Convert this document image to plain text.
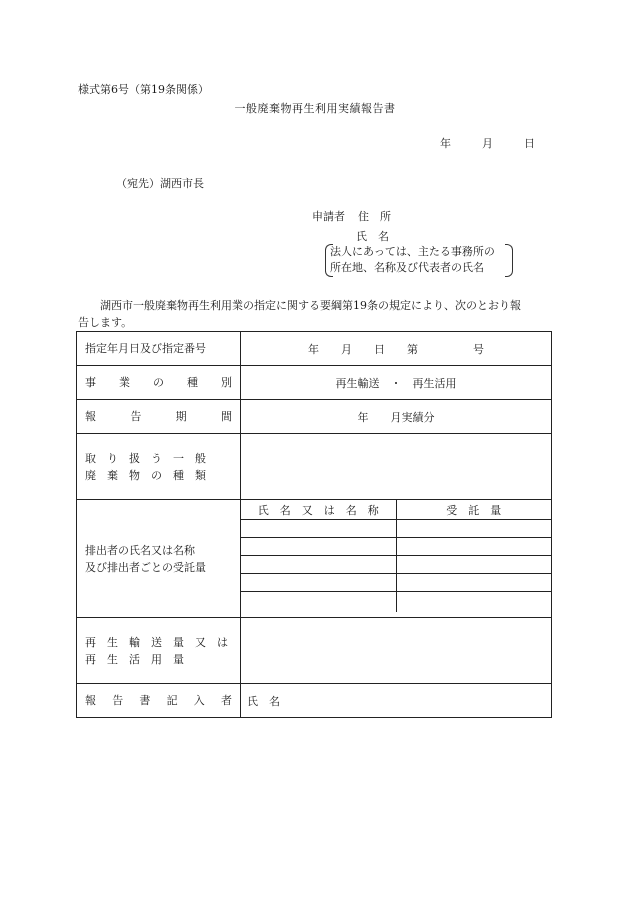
様式第6号（第19条関係）
一般廃棄物再生利用実績報告書
年	月	日
（宛先）湖西市長
申請者 住　所
氏　名
法人にあっては、主たる事務所の
所在地、名称及び代表者の氏名
湖西市一般廃棄物再生利用業の指定に関する要綱第19条の規定により、次のとおり報
告します。
指定年月日及び指定番号	年　　月　　日　　第　　　　　号
事　業　の　種　別	再生輸送　・　再生活用
報　告　期　間	年　　月実績分

取　り　扱　う　一　般
廃　棄　物　の　種　類

排出者の氏名又は名称
及び排出者ごとの受託量

氏　名　又　は　名　称	受　託　量

再　生　輸　送　量　又　は
再　生　活　用　量

報　告　書　記　入　者	氏　名
